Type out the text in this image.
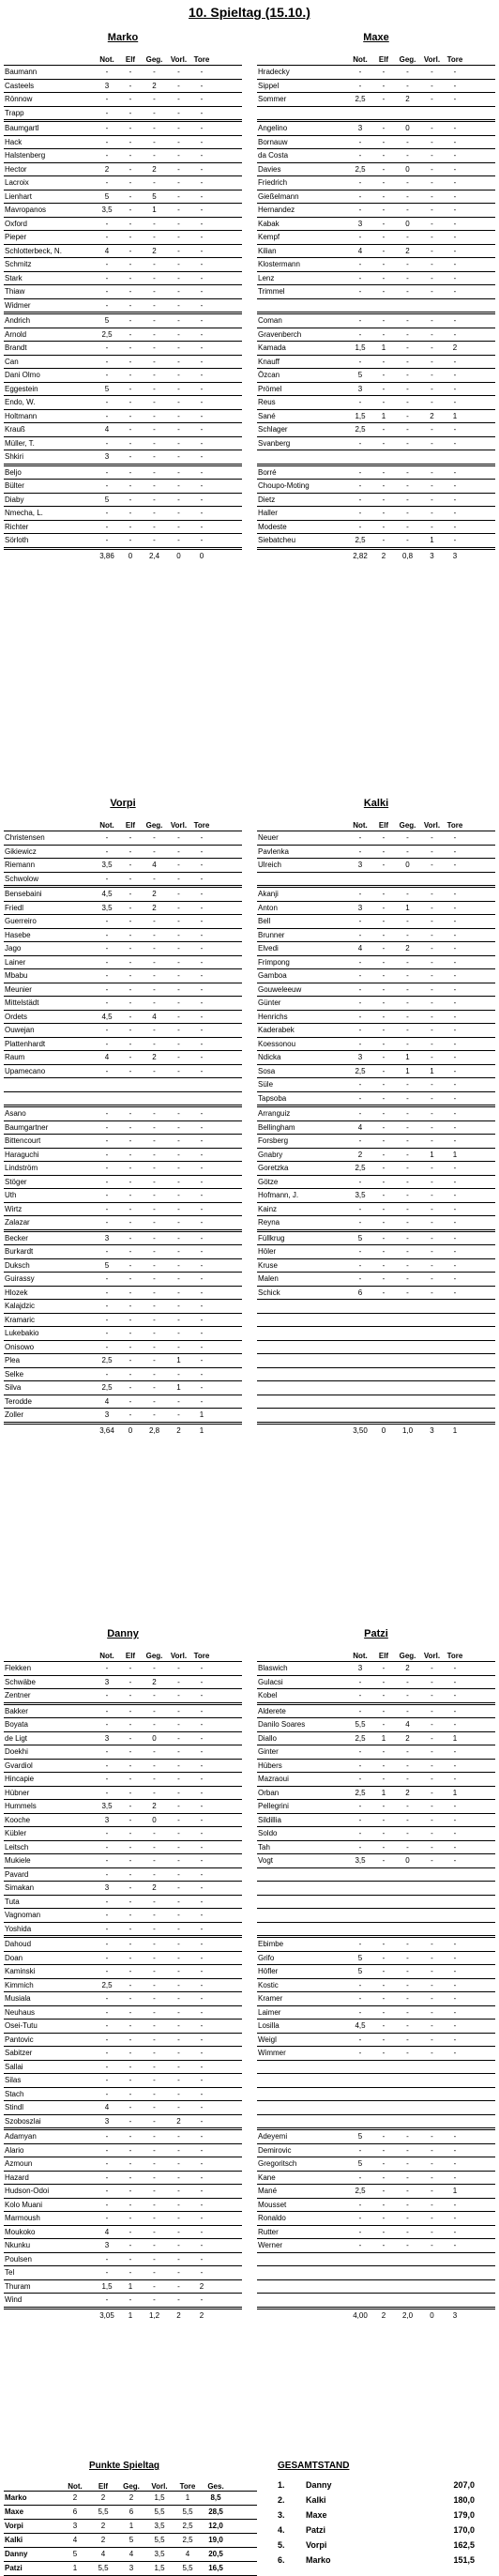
10. Spieltag (15.10.)
Marko
Not.	Elf	Geg.	Vorl. Tore
Baumann	-	-	-	-	-
Casteels	3	-	2	-	-
Rönnow	-	-	-	-	-
Trapp	-	-	-	-	-
Baumgartl	-	-	-	-	-
Hack	-	-	-	-	-
Halstenberg	-	-	-	-	-
Hector	2	-	2	-	-
Lacroix	-	-	-	-	-
Lienhart	5	-	5	-	-
Mavropanos	3,5	-	1	-	-
Oxford	-	-	-	-	-
Pieper	-	-	-	-	-
Schlotterbeck, N.	4	-	2	-	-
Schmitz	-	-	-	-	-
Stark	-	-	-	-	-
Thiaw	-	-	-	-	-
Widmer	-	-	-	-	-
Andrich	5	-	-	-	-
Arnold	2,5	-	-	-	-
Brandt	-	-	-	-	-
Can	-	-	-	-	-
Dani Olmo	-	-	-	-	-
Eggestein	5	-	-	-	-
Endo, W.	-	-	-	-	-
Holtmann	-	-	-	-	-
Krauß	4	-	-	-	-
Müller, T.	-	-	-	-	-
Shkiri	3	-	-	-	-
Beljo	-	-	-	-	-
Bülter	-	-	-	-	-
Diaby	5	-	-	-	-
Nmecha, L.	-	-	-	-	-
Richter	-	-	-	-	-
Sörloth	-	-	-	-	-
3,86	0	2,4	0	0
Maxe
Not.	Elf	Geg.	Vorl. Tore
Hradecky	-	-	-	-	-
Sippel	-	-	-	-	-
Sommer	2,5	-	2	-	-
Angelino	3	-	0	-	-
Bornauw	-	-	-	-	-
da Costa	-	-	-	-	-
Davies	2,5	-	0	-	-
Friedrich	-	-	-	-	-
Gießelmann	-	-	-	-	-
Hernandez	-	-	-	-	-
Kabak	3	-	0	-	-
Kempf	-	-	-	-	-
Kilian	4	-	2	-	-
Klostermann	-	-	-	-	-
Lenz	-	-	-	-	-
Trimmel	-	-	-	-	-
Coman	-	-	-	-	-
Gravenberch	-	-	-	-	-
Kamada	1,5	1	-	-	2
Knauff	-	-	-	-	-
Özcan	5	-	-	-	-
Prömel	3	-	-	-	-
Reus	-	-	-	-	-
Sané	1,5	1	-	2	1
Schlager	2,5	-	-	-	-
Svanberg	-	-	-	-	-
Borré	-	-	-	-	-
Choupo-Moting	-	-	-	-	-
Dietz	-	-	-	-	-
Haller	-	-	-	-	-
Modeste	-	-	-	-	-
Siebatcheu	2,5	-	-	1	-
2,82	2	0,8	3	3
Vorpi
Not.	Elf	Geg.	Vorl. Tore
Christensen	-	-	-	-	-
Gikiewicz	-	-	-	-	-
Riemann	3,5	-	4	-	-
Schwolow	-	-	-	-	-
Bensebaini	4,5	-	2	-	-
Friedl	3,5	-	2	-	-
Guerreiro	-	-	-	-	-
Hasebe	-	-	-	-	-
Jago	-	-	-	-	-
Lainer	-	-	-	-	-
Mbabu	-	-	-	-	-
Meunier	-	-	-	-	-
Mittelstädt	-	-	-	-	-
Ordets	4,5	-	4	-	-
Ouwejan	-	-	-	-	-
Plattenhardt	-	-	-	-	-
Raum	4	-	2	-	-
Upamecano	-	-	-	-	-
Asano	-	-	-	-	-
Baumgartner	-	-	-	-	-
Bittencourt	-	-	-	-	-
Haraguchi	-	-	-	-	-
Lindström	-	-	-	-	-
Stöger	-	-	-	-	-
Uth	-	-	-	-	-
Wirtz	-	-	-	-	-
Zalazar	-	-	-	-	-
Becker	3	-	-	-	-
Burkardt	-	-	-	-	-
Duksch	5	-	-	-	-
Guirassy	-	-	-	-	-
Hlozek	-	-	-	-	-
Kalajdzic	-	-	-	-	-
Kramaric	-	-	-	-	-
Lukebakio	-	-	-	-	-
Onisowo	-	-	-	-	-
Plea	2,5	-	-	1	-
Selke	-	-	-	-	-
Silva	2,5	-	-	1	-
Terodde	4	-	-	-	-
Zoller	3	-	-	-	1
3,64	0	2,8	2	1
Kalki
Not.	Elf	Geg.	Vorl. Tore
Neuer	-	-	-	-	-
Pavlenka	-	-	-	-	-
Ulreich	3	-	0	-	-
Akanji	-	-	-	-	-
Anton	3	-	1	-	-
Bell	-	-	-	-	-
Brunner	-	-	-	-	-
Elvedi	4	-	2	-	-
Frimpong	-	-	-	-	-
Gamboa	-	-	-	-	-
Gouweleeuw	-	-	-	-	-
Günter	-	-	-	-	-
Henrichs	-	-	-	-	-
Kaderabek	-	-	-	-	-
Koessonou	-	-	-	-	-
Ndicka	3	-	1	-	-
Sosa	2,5	-	1	1	-
Süle	-	-	-	-	-
Tapsoba	-	-	-	-	-
Arranguiz	-	-	-	-	-
Bellingham	4	-	-	-	-
Forsberg	-	-	-	-	-
Gnabry	2	-	-	1	1
Goretzka	2,5	-	-	-	-
Götze	-	-	-	-	-
Hofmann, J.	3,5	-	-	-	-
Kainz	-	-	-	-	-
Reyna	-	-	-	-	-
Füllkrug	5	-	-	-	-
Höler	-	-	-	-	-
Kruse	-	-	-	-	-
Malen	-	-	-	-	-
Schick	6	-	-	-	-
3,50	0	1,0	3	1
Danny
Not.	Elf	Geg.	Vorl. Tore
Flekken	-	-	-	-	-
Schwäbe	3	-	2	-	-
Zentner	-	-	-	-	-
Bakker	-	-	-	-	-
Boyata	-	-	-	-	-
de Ligt	3	-	0	-	-
Doekhi	-	-	-	-	-
Gvardiol	-	-	-	-	-
Hincapie	-	-	-	-	-
Hübner	-	-	-	-	-
Hummels	3,5	-	2	-	-
Kooche	3	-	0	-	-
Kübler	-	-	-	-	-
Leitsch	-	-	-	-	-
Mukiele	-	-	-	-	-
Pavard	-	-	-	-	-
Simakan	3	-	2	-	-
Tuta	-	-	-	-	-
Vagnoman	-	-	-	-	-
Yoshida	-	-	-	-	-
Dahoud	-	-	-	-	-
Doan	-	-	-	-	-
Kaminski	-	-	-	-	-
Kimmich	2,5	-	-	-	-
Musiala	-	-	-	-	-
Neuhaus	-	-	-	-	-
Osei-Tutu	-	-	-	-	-
Pantovic	-	-	-	-	-
Sabitzer	-	-	-	-	-
Sallai	-	-	-	-	-
Silas	-	-	-	-	-
Stach	-	-	-	-	-
Stindl	4	-	-	-	-
Szoboszlai	3	-	-	2	-
Adamyan	-	-	-	-	-
Alario	-	-	-	-	-
Azmoun	-	-	-	-	-
Hazard	-	-	-	-	-
Hudson-Odoi	-	-	-	-	-
Kolo Muani	-	-	-	-	-
Marmoush	-	-	-	-	-
Moukoko	4	-	-	-	-
Nkunku	3	-	-	-	-
Poulsen	-	-	-	-	-
Tel	-	-	-	-	-
Thuram	1,5	1	-	-	2
Wind	-	-	-	-	-
3,05	1	1,2	2	2
Patzi
Not.	Elf	Geg.	Vorl. Tore
Blaswich	3	-	2	-	-
Gulacsi	-	-	-	-	-
Kobel	-	-	-	-	-
Alderete	-	-	-	-	-
Danilo Soares	5,5	-	4	-	-
Diallo	2,5	1	2	-	1
Ginter	-	-	-	-	-
Hübers	-	-	-	-	-
Mazraoui	-	-	-	-	-
Orban	2,5	1	2	-	1
Pellegrini	-	-	-	-	-
Sildillia	-	-	-	-	-
Soldo	-	-	-	-	-
Tah	-	-	-	-	-
Vogt	3,5	-	0	-	-
Ebimbe	-	-	-	-	-
Grifo	5	-	-	-	-
Höfler	5	-	-	-	-
Kostic	-	-	-	-	-
Kramer	-	-	-	-	-
Laimer	-	-	-	-	-
Losilla	4,5	-	-	-	-
Weigl	-	-	-	-	-
Wimmer	-	-	-	-	-
Adeyemi	5	-	-	-	-
Demirovic	-	-	-	-	-
Gregoritsch	5	-	-	-	-
Kane	-	-	-	-	-
Mané	2,5	-	-	-	1
Mousset	-	-	-	-	-
Ronaldo	-	-	-	-	-
Rutter	-	-	-	-	-
Werner	-	-	-	-	-
4,00	2	2,0	0	3
Punkte Spieltag	GESAMTSTAND
Not.	Elf	Geg.	Vorl.	Tore	Ges.
Marko	2	2	2	1,5	1	8,5
Maxe	6	5,5	6	5,5	5,5	28,5
Vorpi	3	2	1	3,5	2,5	12,0
Kalki	4	2	5	5,5	2,5	19,0
Danny	5	4	4	3,5	4	20,5
Patzi	1	5,5	3	1,5	5,5	16,5
1.	Danny	207,0
2.	Kalki	180,0
3.	Maxe	179,0
4.	Patzi	170,0
5.	Vorpi	162,5
6.	Marko	151,5
